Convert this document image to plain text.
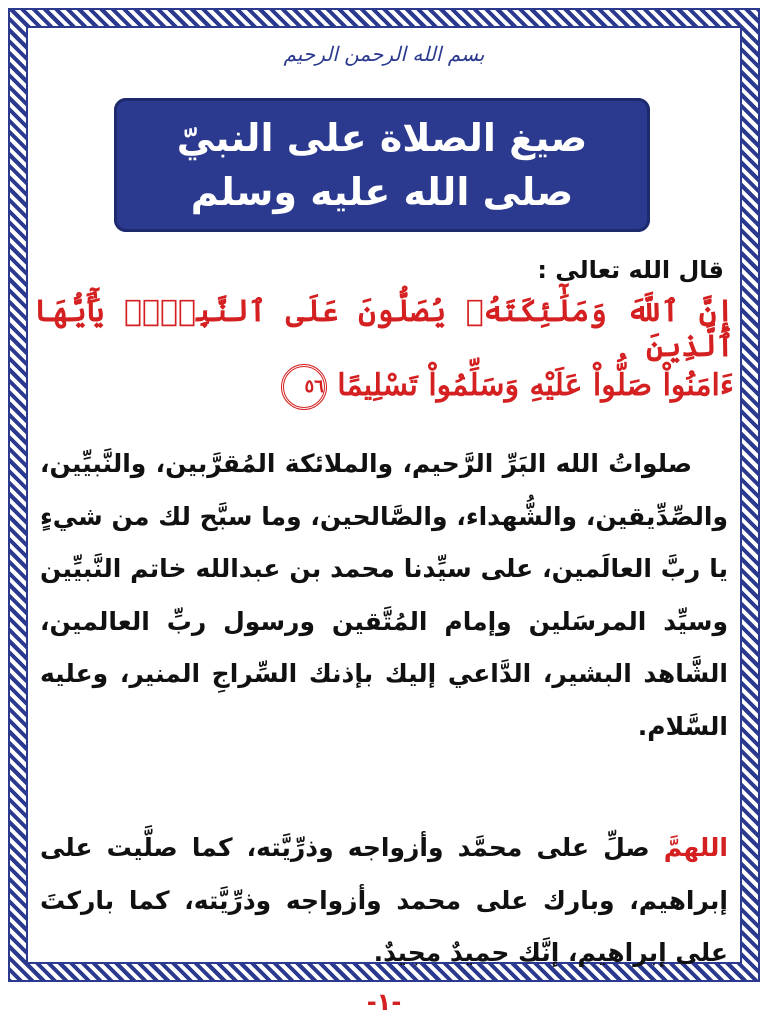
بسم الله الرحمن الرحيم
صيغ الصلاة على النبيّ
صلى الله عليه وسلم
قال الله تعالى :
إِنَّ ٱللَّهَ وَمَلَٰٓئِكَتَهُۥ يُصَلُّونَ عَلَى ٱلنَّبِيِّۚ يَٰٓأَيُّهَا ٱلَّذِينَ
ءَامَنُواْ صَلُّواْ عَلَيْهِ وَسَلِّمُواْ تَسْلِيمًا ٥٦
صلواتُ الله البَرِّ الرَّحيم، والملائكة المُقرَّبين، والنَّبيِّين، والصِّدِّيقين، والشُّهداء، والصَّالحين، وما سبَّح لك من شيءٍ يا ربَّ العالَمين، على سيِّدنا محمد بن عبدالله خاتم النَّبيِّين وسيِّد المرسَلين وإمام المُتَّقين ورسول ربِّ العالمين، الشَّاهد البشير، الدَّاعي إليك بإذنك السِّراجِ المنير، وعليه السَّلام.
اللهمَّ صلِّ على محمَّد وأزواجه وذرِّيَّته، كما صلَّيت على إبراهيم، وبارك على محمد وأزواجه وذرِّيَّته، كما باركتَ على إبراهيم، إنَّك حميدٌ مجيدٌ.
-١-
